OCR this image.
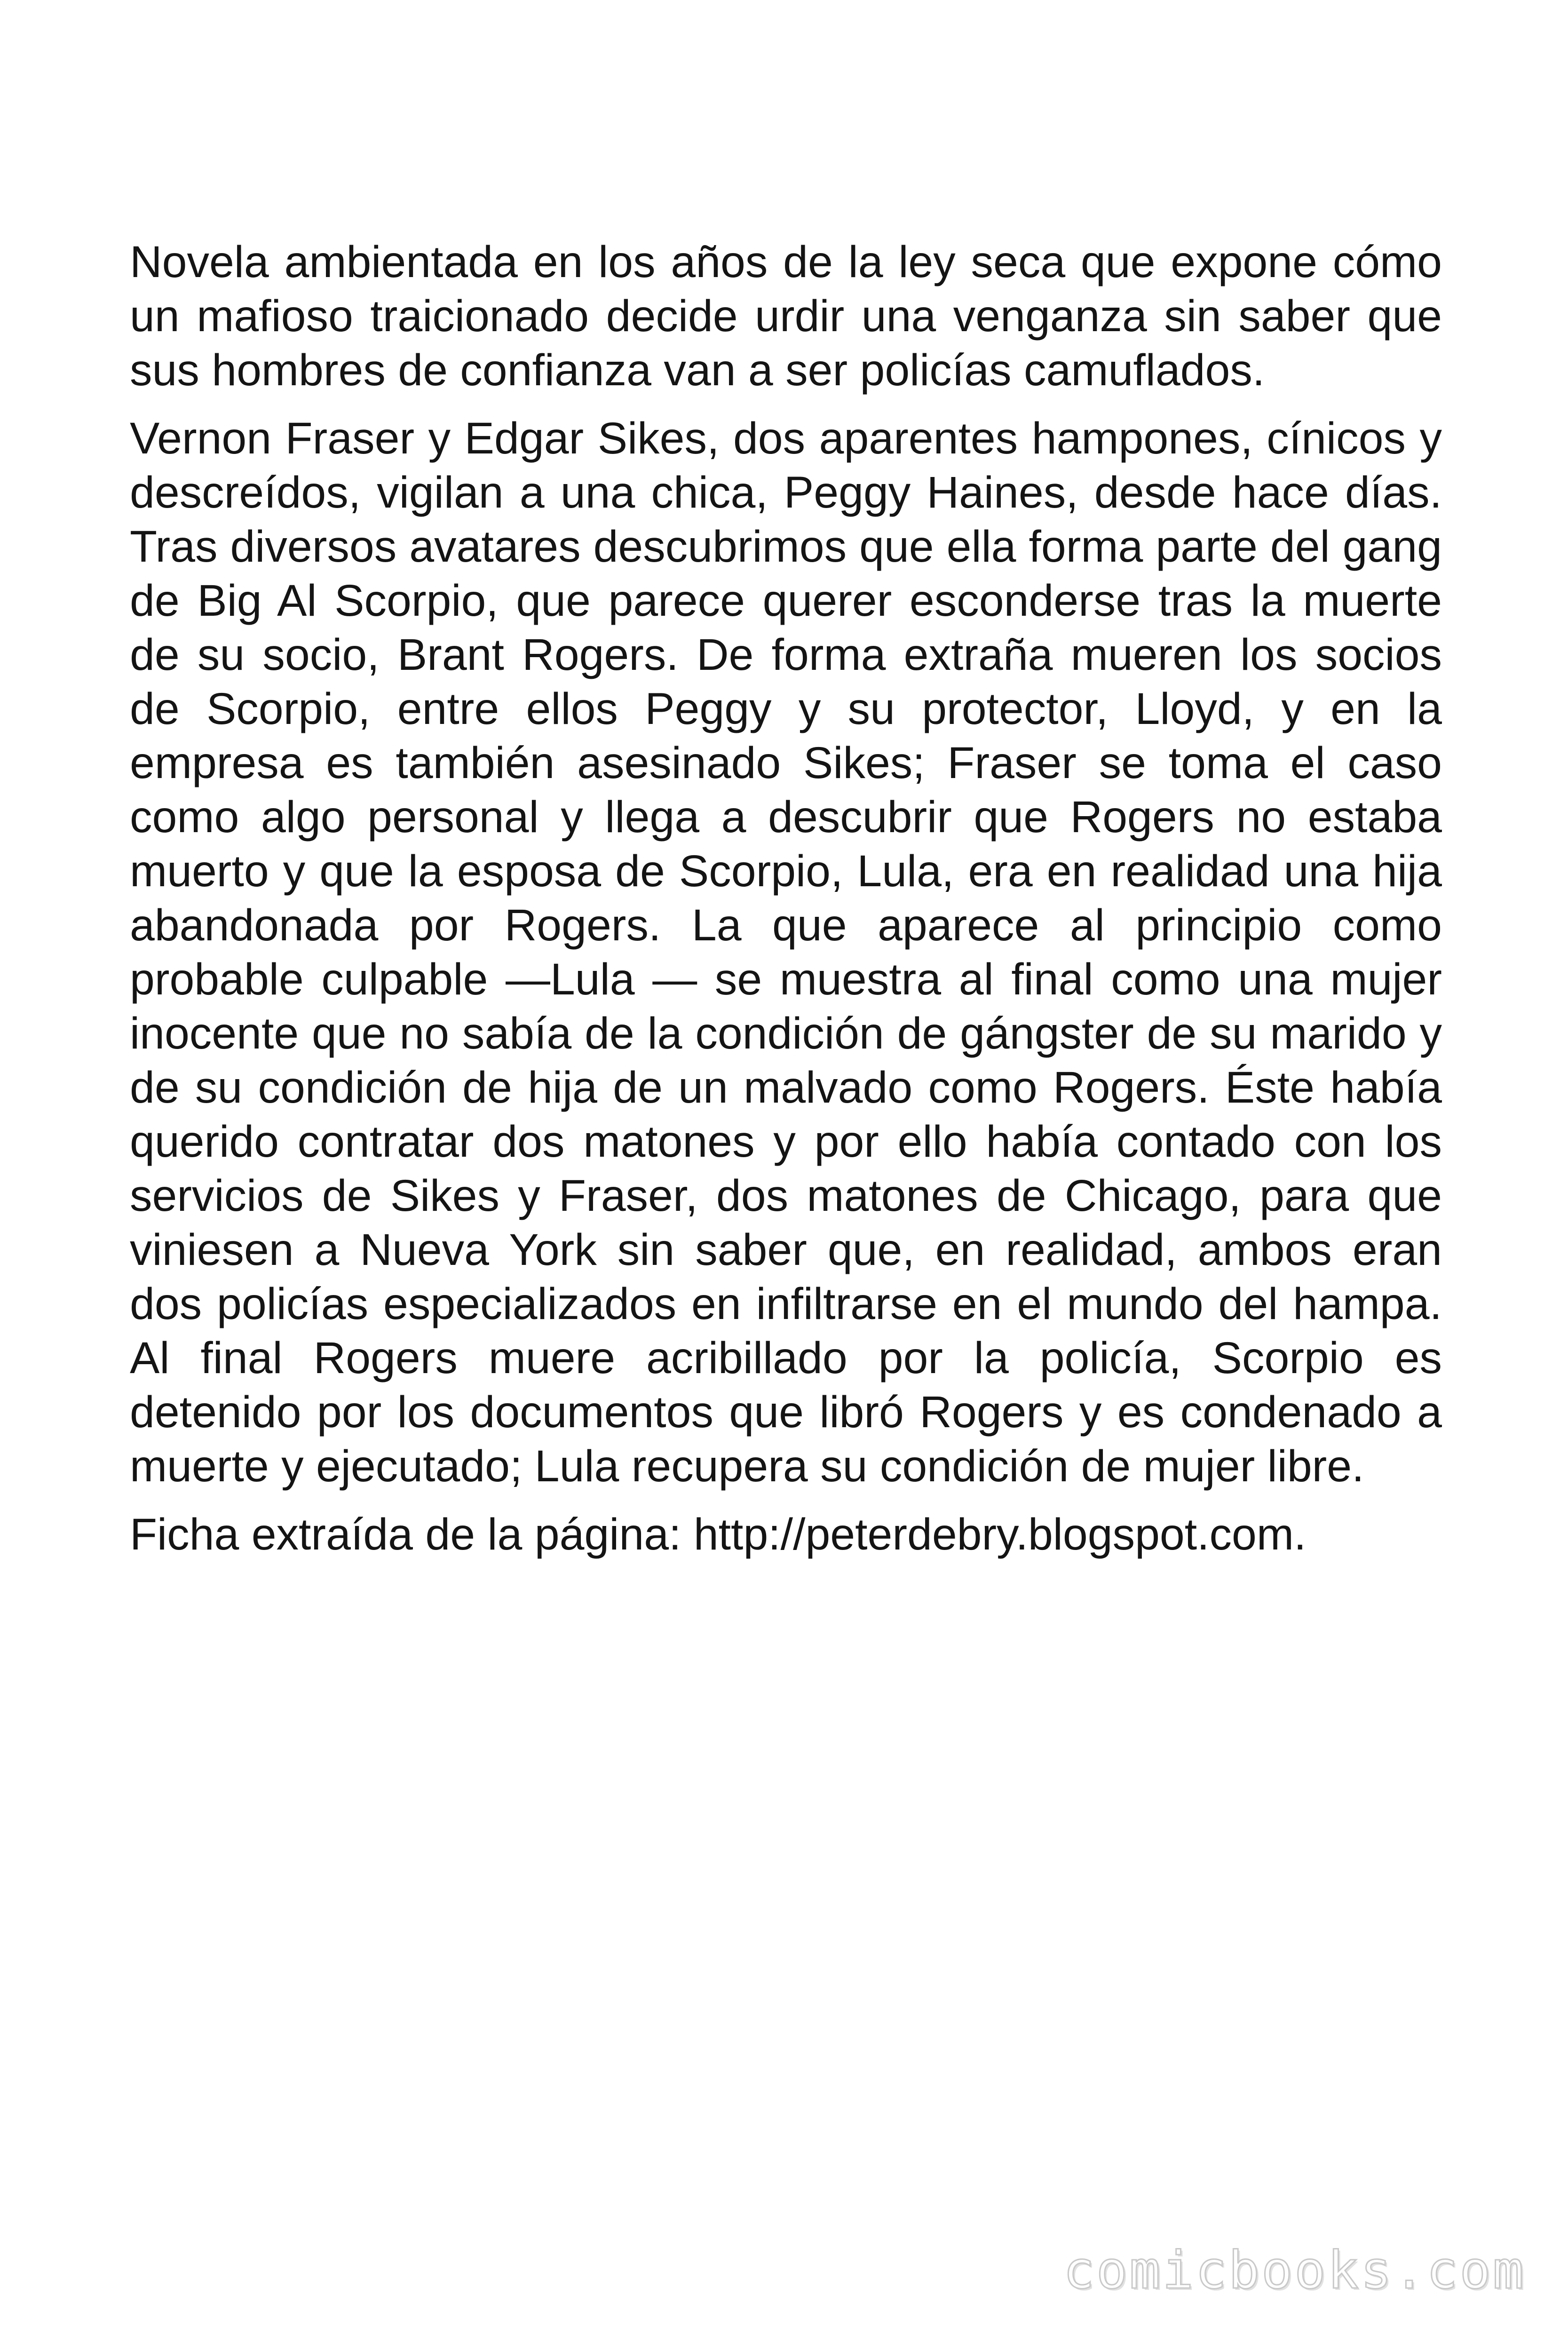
Novela ambientada en los años de la ley seca que expone cómo un mafioso traicionado decide urdir una venganza sin saber que sus hombres de confianza van a ser policías camuflados.

Vernon Fraser y Edgar Sikes, dos aparentes hampones, cínicos y descreídos, vigilan a una chica, Peggy Haines, desde hace días. Tras diversos avatares descubrimos que ella forma parte del gang de Big Al Scorpio, que parece querer esconderse tras la muerte de su socio, Brant Rogers. De forma extraña mueren los socios de Scorpio, entre ellos Peggy y su protector, Lloyd, y en la empresa es también asesinado Sikes; Fraser se toma el caso como algo personal y llega a descubrir que Rogers no estaba muerto y que la esposa de Scorpio, Lula, era en realidad una hija abandonada por Rogers. La que aparece al principio como probable culpable —Lula — se muestra al final como una mujer inocente que no sabía de la condición de gángster de su marido y de su condición de hija de un malvado como Rogers. Éste había querido contratar dos matones y por ello había contado con los servicios de Sikes y Fraser, dos matones de Chicago, para que viniesen a Nueva York sin saber que, en realidad, ambos eran dos policías especializados en infiltrarse en el mundo del hampa. Al final Rogers muere acribillado por la policía, Scorpio es detenido por los documentos que libró Rogers y es condenado a muerte y ejecutado; Lula recupera su condición de mujer libre.

Ficha extraída de la página: http://peterdebry.blogspot.com.

comicbooks.com
